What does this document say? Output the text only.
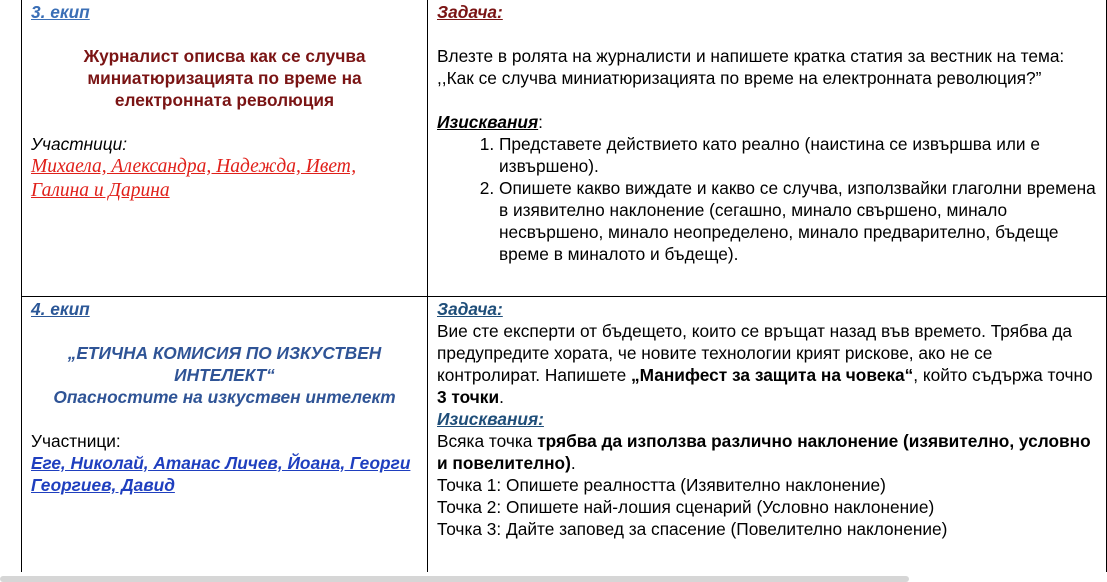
3. екип
Журналист описва как се случва миниатюризацията по време на електронната революция
Участници:
Михаела, Александра, Надежда, Ивет, Галина и Дарина
Задача:
Влезте в ролята на журналисти и напишете кратка статия за вестник на тема: ,,Как се случва миниатюризацията по време на електронната революция?”
Изисквания:
1. Представете действието като реално (наистина се извършва или е извършено).
2. Опишете какво виждате и какво се случва, използвайки глаголни времена в изявително наклонение (сегашно, минало свършено, минало несвършено, минало неопределено, минало предварително, бъдеще време в миналото и бъдеще).
4. екип
„ЕТИЧНА КОМИСИЯ ПО ИЗКУСТВЕН ИНТЕЛЕКТ“
Опасностите на изкуствен интелект
Участници:
Еге, Николай, Атанас Личев, Йоана, Георги Георгиев, Давид
Задача:
Вие сте експерти от бъдещето, които се връщат назад във времето. Трябва да предупредите хората, че новите технологии крият рискове, ако не се контролират. Напишете „Манифест за защита на човека“, който съдържа точно 3 точки.
Изисквания:
Всяка точка трябва да използва различно наклонение (изявително, условно и повелително).
Точка 1: Опишете реалността (Изявително наклонение)
Точка 2: Опишете най-лошия сценарий (Условно наклонение)
Точка 3: Дайте заповед за спасение (Повелително наклонение)
